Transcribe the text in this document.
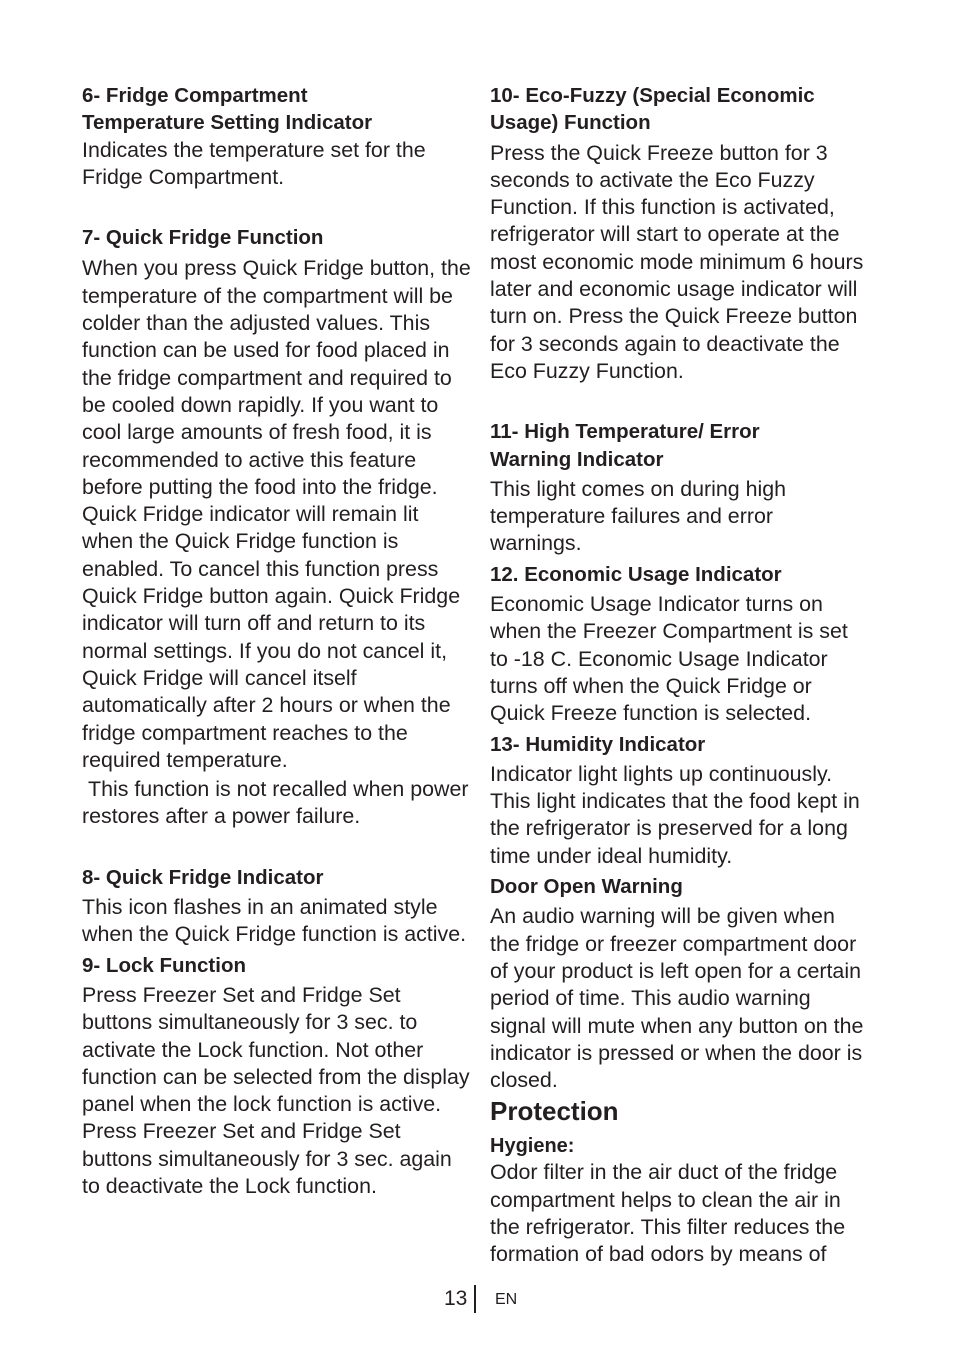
6- Fridge Compartment
Temperature Setting Indicator

Indicates the temperature set for the Fridge Compartment.

7- Quick Fridge Function

When you press Quick Fridge button, the temperature of the compartment will be colder than the adjusted values. This function can be used for food placed in the fridge compartment and required to be cooled down rapidly. If you want to cool large amounts of fresh food, it is recommended to active this feature before putting the food into the fridge. Quick Fridge indicator will remain lit when the Quick Fridge function is enabled. To cancel this function press Quick Fridge button again. Quick Fridge indicator will turn off and return to its normal settings. If you do not cancel it, Quick Fridge will cancel itself automatically after 2 hours or when the fridge compartment reaches to the required temperature.

This function is not recalled when power restores after a power failure.

8- Quick Fridge Indicator

This icon flashes in an animated style when the Quick Fridge function is active.

9- Lock Function

Press Freezer Set and Fridge Set buttons simultaneously for 3 sec. to activate the Lock function. Not other function can be selected from the display panel when the lock function is active. Press Freezer Set and Fridge Set buttons simultaneously for 3 sec. again to deactivate the Lock function.

10- Eco-Fuzzy (Special Economic
Usage) Function

Press the Quick Freeze button for 3 seconds to activate the Eco Fuzzy Function. If this function is activated, refrigerator will start to operate at the most economic mode minimum 6 hours later and economic usage indicator will turn on. Press the Quick Freeze button for 3 seconds again to deactivate the Eco Fuzzy Function.

11- High Temperature/ Error
Warning Indicator

This light comes on during high temperature failures and error warnings.

12. Economic Usage Indicator

Economic Usage Indicator turns on when the Freezer Compartment is set to -18 C. Economic Usage Indicator turns off when the Quick Fridge or Quick Freeze function is selected.

13- Humidity Indicator

Indicator light lights up continuously. This light indicates that the food kept in the refrigerator is preserved for a long time under ideal humidity.

Door Open Warning

An audio warning will be given when the fridge or freezer compartment door of your product is left open for a certain period of time. This audio warning signal will mute when any button on the indicator is pressed or when the door is closed.

Protection
Hygiene:

Odor filter in the air duct of the fridge compartment helps to clean the air in the refrigerator. This filter reduces the formation of bad odors by means of

13 EN
